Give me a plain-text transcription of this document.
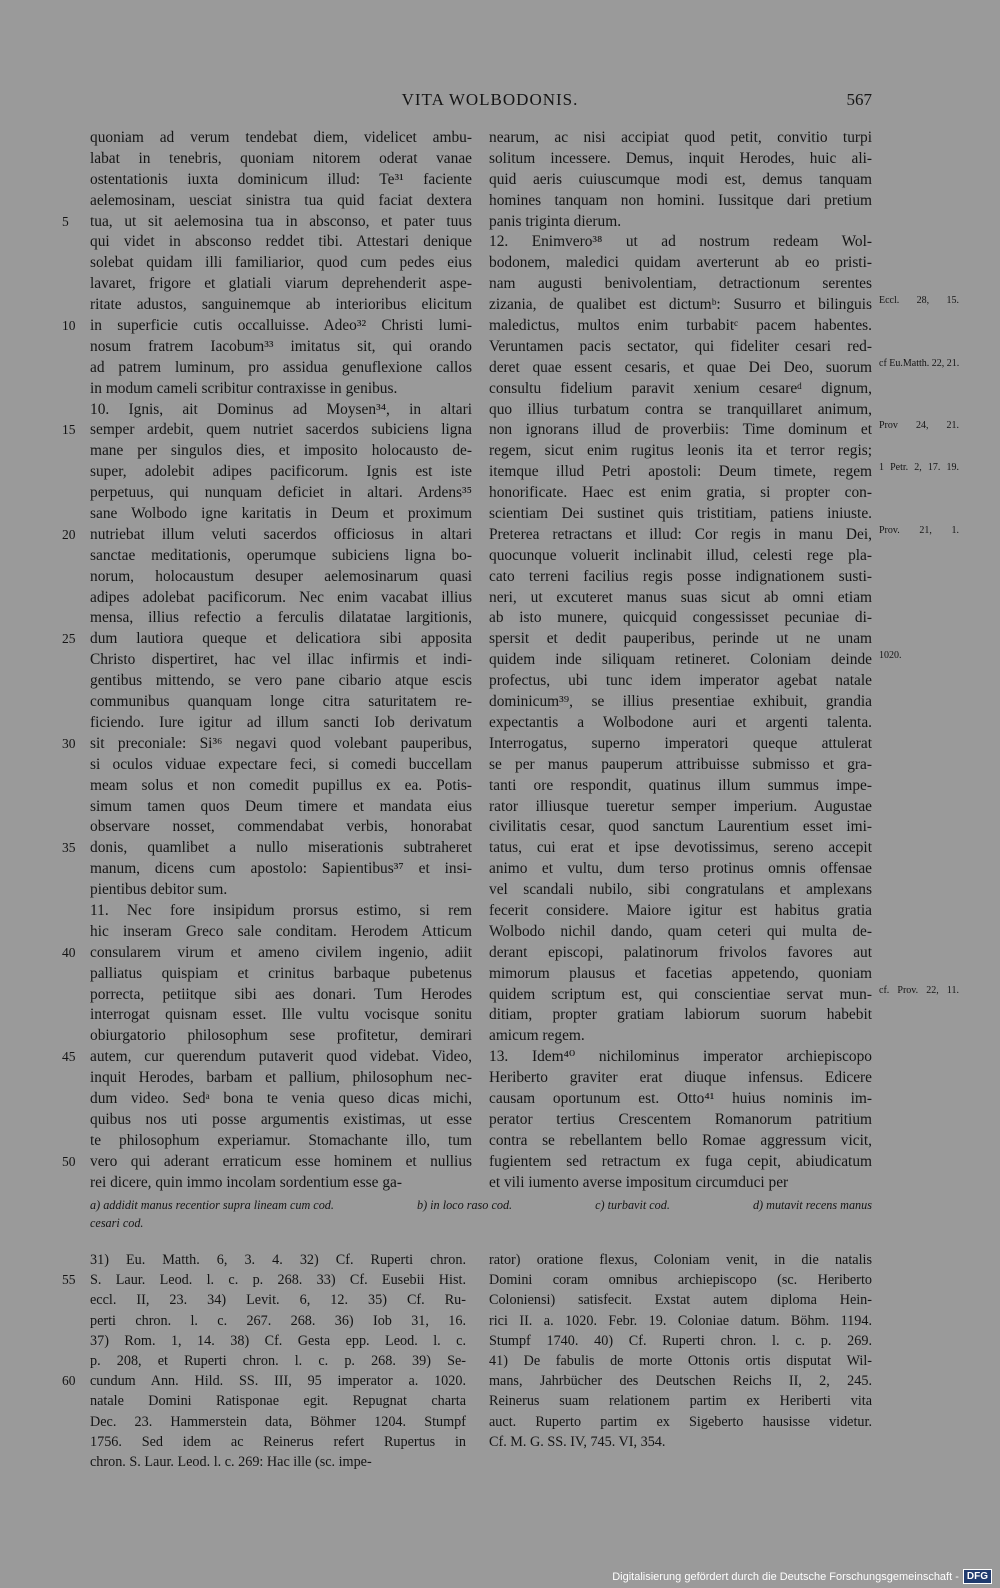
VITA WOLBODONIS.	567
quoniam ad verum tendebat diem, videlicet ambu-
labat in tenebris, quoniam nitorem oderat vanae
ostentationis iuxta dominicum illud: Te³¹ faciente
aelemosinam, uesciat sinistra tua quid faciat dextera
tua, ut sit aelemosina tua in absconso, et pater tuus
5
qui videt in absconso reddet tibi. Attestari denique
solebat quidam illi familiarior, quod cum pedes eius
lavaret, frigore et glatiali viarum deprehenderit aspe-
ritate adustos, sanguinemque ab interioribus elicitum
in superficie cutis occalluisse. Adeo³² Christi lumi-
10
nosum fratrem Iacobum³³ imitatus sit, qui orando
ad patrem luminum, pro assidua genuflexione callos
in modum cameli scribitur contraxisse in genibus.
10. Ignis, ait Dominus ad Moysen³⁴, in altari
semper ardebit, quem nutriet sacerdos subiciens ligna
15
mane per singulos dies, et imposito holocausto de-
super, adolebit adipes pacificorum. Ignis est iste
perpetuus, qui nunquam deficiet in altari. Ardens³⁵
sane Wolbodo igne karitatis in Deum et proximum
nutriebat illum veluti sacerdos officiosus in altari
20
sanctae meditationis, operumque subiciens ligna bo-
norum, holocaustum desuper aelemosinarum quasi
adipes adolebat pacificorum. Nec enim vacabat illius
mensa, illius refectio a ferculis dilatatae largitionis,
dum lautiora queque et delicatiora sibi apposita
25
Christo dispertiret, hac vel illac infirmis et indi-
gentibus mittendo, se vero pane cibario atque escis
communibus quanquam longe citra saturitatem re-
ficiendo. Iure igitur ad illum sancti Iob derivatum
sit preconiale: Si³⁶ negavi quod volebant pauperibus,
30
si oculos viduae expectare feci, si comedi buccellam
meam solus et non comedit pupillus ex ea. Potis-
simum tamen quos Deum timere et mandata eius
observare nosset, commendabat verbis, honorabat
donis, quamlibet a nullo miserationis subtraheret
35
manum, dicens cum apostolo: Sapientibus³⁷ et insi-
pientibus debitor sum.
11. Nec fore insipidum prorsus estimo, si rem
hic inseram Greco sale conditam. Herodem Atticum
consularem virum et ameno civilem ingenio, adiit
40
palliatus quispiam et crinitus barbaque pubetenus
porrecta, petiitque sibi aes donari. Tum Herodes
interrogat quisnam esset. Ille vultu vocisque sonitu
obiurgatorio philosophum sese profitetur, demirari
autem, cur querendum putaverit quod videbat. Video,
45
inquit Herodes, barbam et pallium, philosophum nec-
dum video. Sedᵃ bona te venia queso dicas michi,
quibus nos uti posse argumentis existimas, ut esse
te philosophum experiamur. Stomachante illo, tum
vero qui aderant erraticum esse hominem et nullius
50
rei dicere, quin immo incolam sordentium esse ga-
nearum, ac nisi accipiat quod petit, convitio turpi
solitum incessere. Demus, inquit Herodes, huic ali-
quid aeris cuiuscumque modi est, demus tanquam
homines tanquam non homini. Iussitque dari pretium
panis triginta dierum.
12. Enimvero³⁸ ut ad nostrum redeam Wol-
bodonem, maledici quidam averterunt ab eo pristi-
nam augusti benivolentiam, detractionum serentes
zizania, de qualibet est dictumᵇ: Susurro et bilinguis Eccl. 28, 15.
maledictus, multos enim turbabitᶜ pacem habentes.
Veruntamen pacis sectator, qui fideliter cesari red-
deret quae essent cesaris, et quae Dei Deo, suorum cf Eu.Matth. 22, 21.
consultu fidelium paravit xenium cesareᵈ dignum,
quo illius turbatum contra se tranquillaret animum,
non ignorans illud de proverbiis: Time dominum et Prov 24, 21.
regem, sicut enim rugitus leonis ita et terror regis;
itemque illud Petri apostoli: Deum timete, regem 1 Petr. 2, 17. 19.
honorificate. Haec est enim gratia, si propter con-
scientiam Dei sustinet quis tristitiam, patiens iniuste.
Preterea retractans et illud: Cor regis in manu Dei, Prov. 21, 1.
quocunque voluerit inclinabit illud, celesti rege pla-
cato terreni facilius regis posse indignationem susti-
neri, ut excuteret manus suas sicut ab omni etiam
ab isto munere, quicquid congessisset pecuniae di-
spersit et dedit pauperibus, perinde ut ne unam
quidem inde siliquam retineret. Coloniam deinde 1020.
profectus, ubi tunc idem imperator agebat natale
dominicum³⁹, se illius presentiae exhibuit, grandia
expectantis a Wolbodone auri et argenti talenta.
Interrogatus, superno imperatori queque attulerat
se per manus pauperum attribuisse submisso et gra-
tanti ore respondit, quatinus illum summus impe-
rator illiusque tueretur semper imperium. Augustae
civilitatis cesar, quod sanctum Laurentium esset imi-
tatus, cui erat et ipse devotissimus, sereno accepit
animo et vultu, dum terso protinus omnis offensae
vel scandali nubilo, sibi congratulans et amplexans
fecerit considere. Maiore igitur est habitus gratia
Wolbodo nichil dando, quam ceteri qui multa de-
derant episcopi, palatinorum frivolos favores aut
mimorum plausus et facetias appetendo, quoniam
quidem scriptum est, qui conscientiae servat mun- cf. Prov. 22, 11.
ditiam, propter gratiam labiorum suorum habebit
amicum regem.
13. Idem⁴⁰ nichilominus imperator archiepiscopo
Heriberto graviter erat diuque infensus. Edicere
causam oportunum est. Otto⁴¹ huius nominis im-
perator tertius Crescentem Romanorum patritium
contra se rebellantem bello Romae aggressum vicit,
fugientem sed retractum ex fuga cepit, abiudicatum
et vili iumento averse impositum circumduci per
a) addidit manus recentior supra lineam cum cod.	b) in loco raso cod.	c) turbavit cod.	d) mutavit recens manus
cesari cod.
31) Eu. Matth. 6, 3. 4. 32) Cf. Ruperti chron.
S. Laur. Leod. l. c. p. 268. 33) Cf. Eusebii Hist.
55
eccl. II, 23. 34) Levit. 6, 12. 35) Cf. Ru-
perti chron. l. c. 267. 268. 36) Iob 31, 16.
37) Rom. 1, 14. 38) Cf. Gesta epp. Leod. l. c.
p. 208, et Ruperti chron. l. c. p. 268. 39) Se-
cundum Ann. Hild. SS. III, 95 imperator a. 1020.
60
natale Domini Ratisponae egit. Repugnat charta
Dec. 23. Hammerstein data, Böhmer 1204. Stumpf
1756. Sed idem ac Reinerus refert Rupertus in
chron. S. Laur. Leod. l. c. 269: Hac ille (sc. impe-
rator) oratione flexus, Coloniam venit, in die natalis
Domini coram omnibus archiepiscopo (sc. Heriberto
Coloniensi) satisfecit. Exstat autem diploma Hein-
rici II. a. 1020. Febr. 19. Coloniae datum. Böhm. 1194.
Stumpf 1740. 40) Cf. Ruperti chron. l. c. p. 269.
41) De fabulis de morte Ottonis ortis disputat Wil-
mans, Jahrbücher des Deutschen Reichs II, 2, 245.
Reinerus suam relationem partim ex Heriberti vita
auct. Ruperto partim ex Sigeberto hausisse videtur.
Cf. M. G. SS. IV, 745. VI, 354.
Digitalisierung gefördert durch die Deutsche Forschungsgemeinschaft - DFG
